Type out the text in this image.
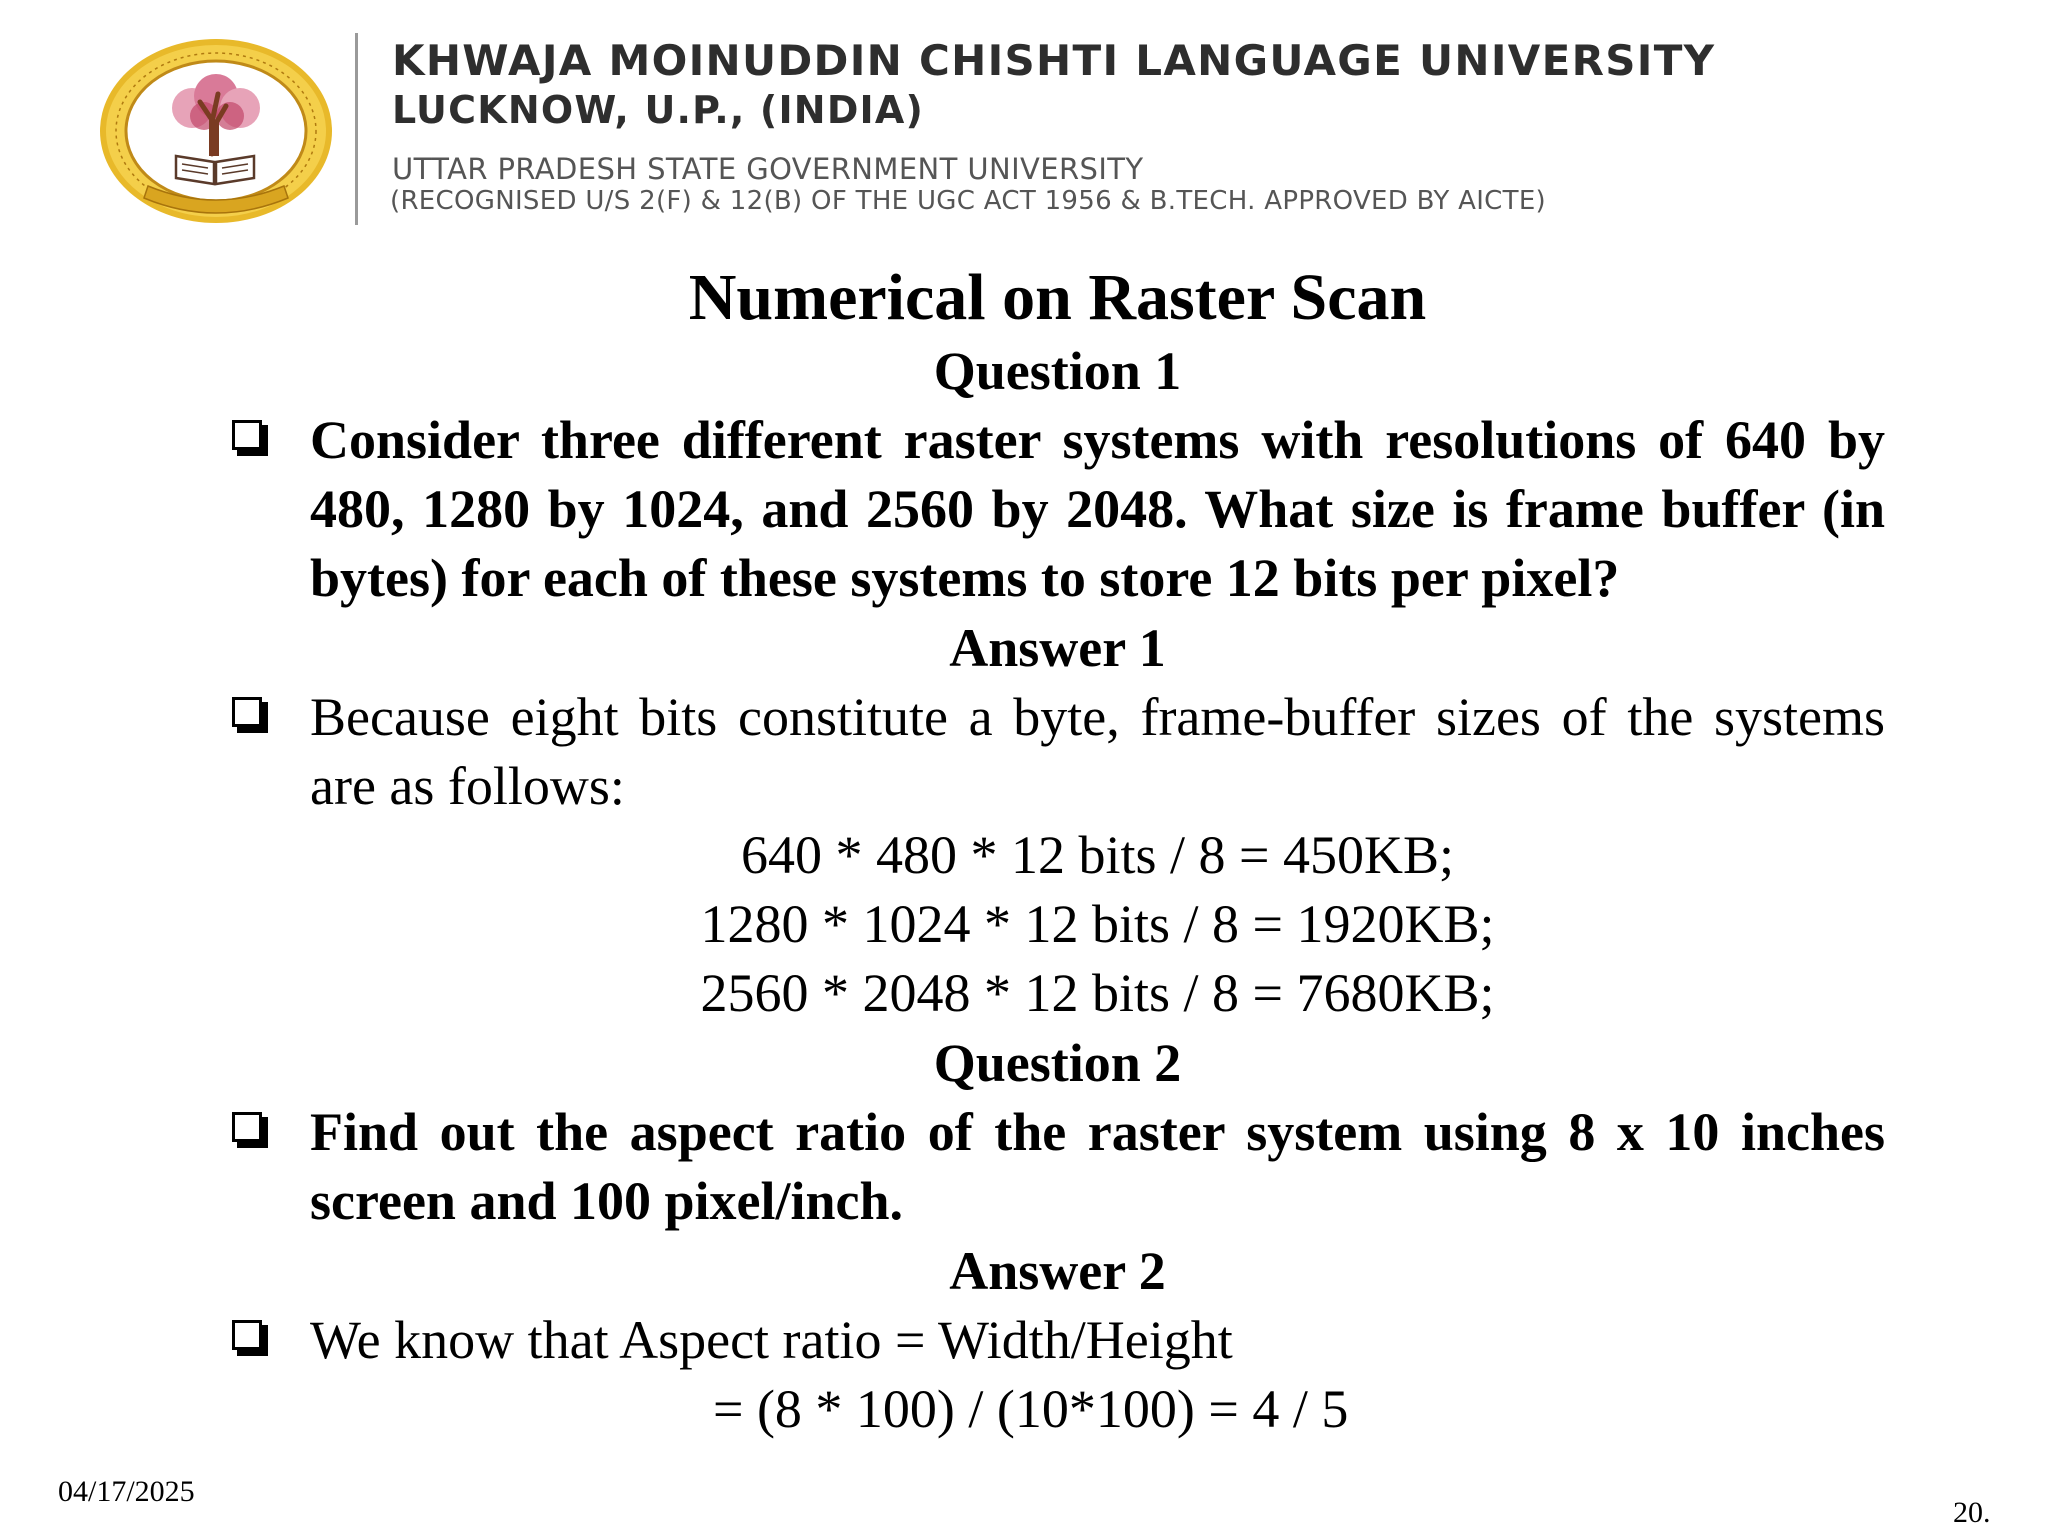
KHWAJA MOINUDDIN CHISHTI LANGUAGE UNIVERSITY
LUCKNOW, U.P., (INDIA)
UTTAR PRADESH STATE GOVERNMENT UNIVERSITY
(RECOGNISED U/S 2(F) & 12(B) OF THE UGC ACT 1956 & B.TECH. APPROVED BY AICTE)
Numerical on Raster Scan
Question 1
Consider three different raster systems with resolutions of 640 by 480, 1280 by 1024, and 2560 by 2048. What size is frame buffer (in bytes) for each of these systems to store 12 bits per pixel?
Answer 1
Because eight bits constitute a byte, frame-buffer sizes of the systems are as follows:
640 * 480 * 12 bits / 8 = 450KB;
1280 * 1024 * 12 bits / 8 = 1920KB;
2560 * 2048 * 12 bits / 8 = 7680KB;
Question 2
Find out the aspect ratio of the raster system using 8 x 10 inches screen and 100 pixel/inch.
Answer 2
We know that Aspect ratio = Width/Height
= (8 * 100) / (10*100) = 4 / 5
04/17/2025
20.
